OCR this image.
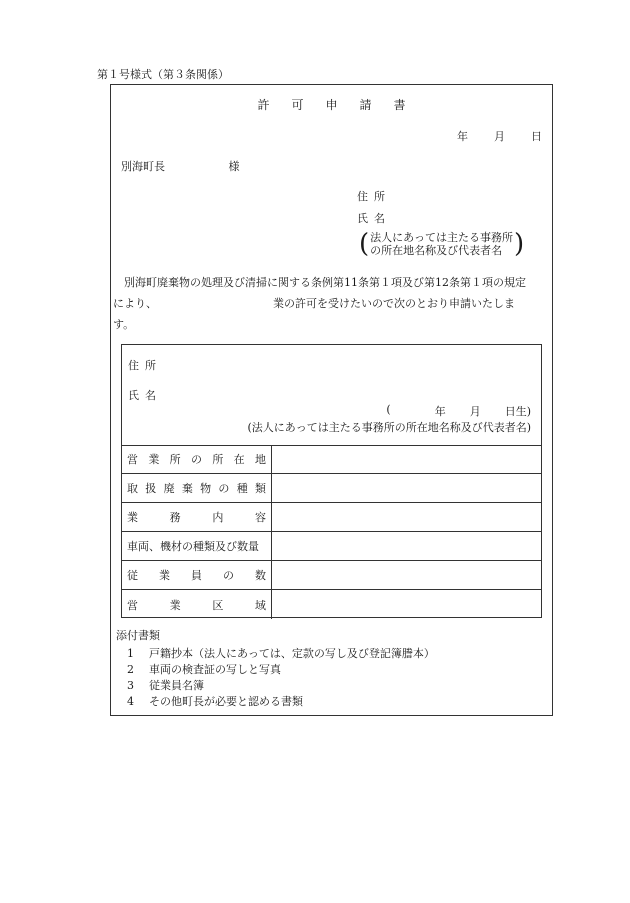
第１号様式（第３条関係）
許	可	申	請	書
年	月	日
別海町長	様
住所
氏名
( 法人にあっては主たる事務所
の所在地名称及び代表者名 )
別海町廃棄物の処理及び清掃に関する条例第11条第１項及び第12条第１項の規定
により、	業の許可を受けたいので次のとおり申請いたしま
す。
住所
氏名
(	年 月 日生)
(法人にあっては主たる事務所の所在地名称及び代表者名)
営 業 所 の 所 在 地
取 扱 廃 棄 物 の 種 類
業	務	内	容
車両、機材の種類及び数量
従 業 員 の 数
営	業	区	域
添付書類
1 戸籍抄本（法人にあっては、定款の写し及び登記簿謄本）
2 車両の検査証の写しと写真
3 従業員名簿
4 その他町長が必要と認める書類
